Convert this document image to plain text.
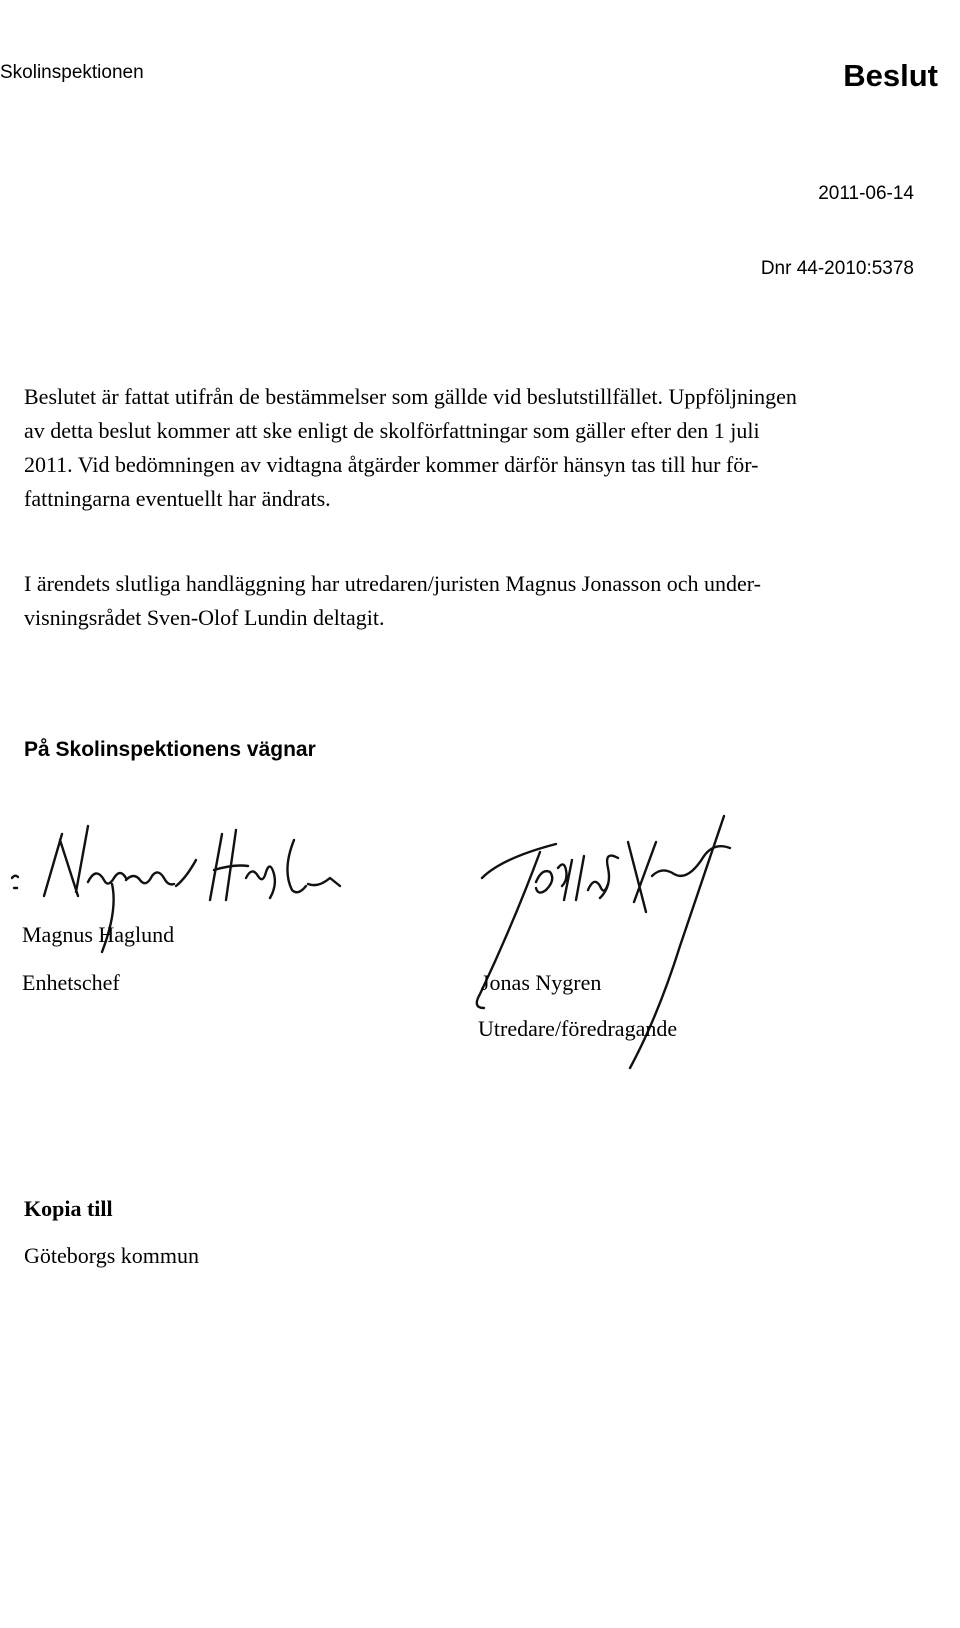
Skolinspektionen	Beslut
2011-06-14
Dnr 44-2010:5378

Beslutet är fattat utifrån de bestämmelser som gällde vid beslutstillfället. Uppföljningen
av detta beslut kommer att ske enligt de skolförfattningar som gäller efter den 1 juli
2011. Vid bedömningen av vidtagna åtgärder kommer därför hänsyn tas till hur för-
fattningarna eventuellt har ändrats.

I ärendets slutliga handläggning har utredaren/juristen Magnus Jonasson och under-
visningsrådet Sven-Olof Lundin deltagit.

På Skolinspektionens vägnar
Magnus Haglund
Enhetschef	Jonas Nygren
Utredare/föredragande
Kopia till
Göteborgs kommun
